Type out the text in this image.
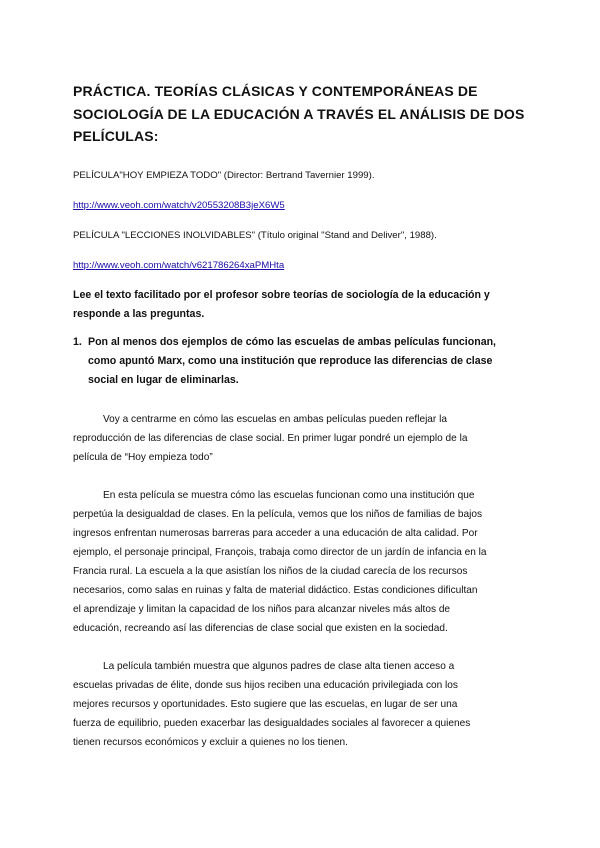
PRÁCTICA. TEORÍAS CLÁSICAS Y CONTEMPORÁNEAS DE
SOCIOLOGÍA DE LA EDUCACIÓN A TRAVÉS EL ANÁLISIS DE DOS
PELÍCULAS:
PELÍCULA"HOY EMPIEZA TODO" (Director: Bertrand Tavernier 1999).
http://www.veoh.com/watch/v20553208B3jeX6W5
PELÍCULA "LECCIONES INOLVIDABLES" (Título original "Stand and Deliver", 1988).
http://www.veoh.com/watch/v621786264xaPMHta
Lee el texto facilitado por el profesor sobre teorías de sociología de la educación y
responde a las preguntas.
1. Pon al menos dos ejemplos de cómo las escuelas de ambas películas funcionan,
como apuntó Marx, como una institución que reproduce las diferencias de clase
social en lugar de eliminarlas.
Voy a centrarme en cómo las escuelas en ambas películas pueden reflejar la
reproducción de las diferencias de clase social. En primer lugar pondré un ejemplo de la
película de “Hoy empieza todo”
En esta película se muestra cómo las escuelas funcionan como una institución que
perpetúa la desigualdad de clases. En la película, vemos que los niños de familias de bajos
ingresos enfrentan numerosas barreras para acceder a una educación de alta calidad. Por
ejemplo, el personaje principal, François, trabaja como director de un jardín de infancia en la
Francia rural. La escuela a la que asistían los niños de la ciudad carecía de los recursos
necesarios, como salas en ruinas y falta de material didáctico. Estas condiciones dificultan
el aprendizaje y limitan la capacidad de los niños para alcanzar niveles más altos de
educación, recreando así las diferencias de clase social que existen en la sociedad.
La película también muestra que algunos padres de clase alta tienen acceso a
escuelas privadas de élite, donde sus hijos reciben una educación privilegiada con los
mejores recursos y oportunidades. Esto sugiere que las escuelas, en lugar de ser una
fuerza de equilibrio, pueden exacerbar las desigualdades sociales al favorecer a quienes
tienen recursos económicos y excluir a quienes no los tienen.
